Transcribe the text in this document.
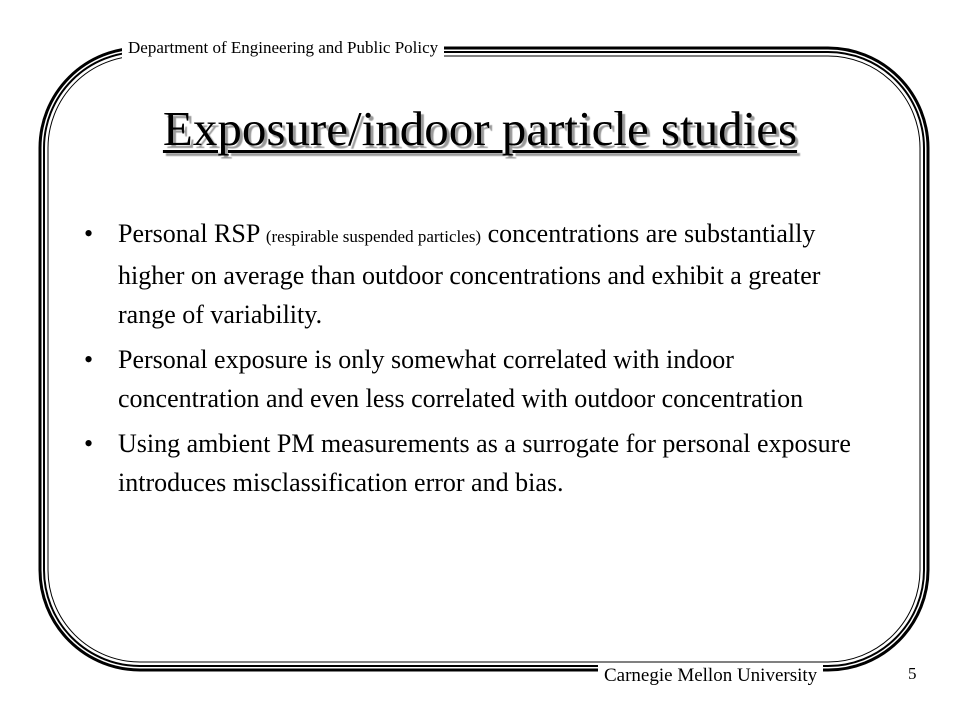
Department of Engineering and Public Policy
Exposure/indoor particle studies
• Personal RSP (respirable suspended particles) concentrations are substantially higher on average than outdoor concentrations and exhibit a greater range of variability.
• Personal exposure is only somewhat correlated with indoor concentration and even less correlated with outdoor concentration
• Using ambient PM measurements as a surrogate for personal exposure introduces misclassification error and bias.
Carnegie Mellon University	5
